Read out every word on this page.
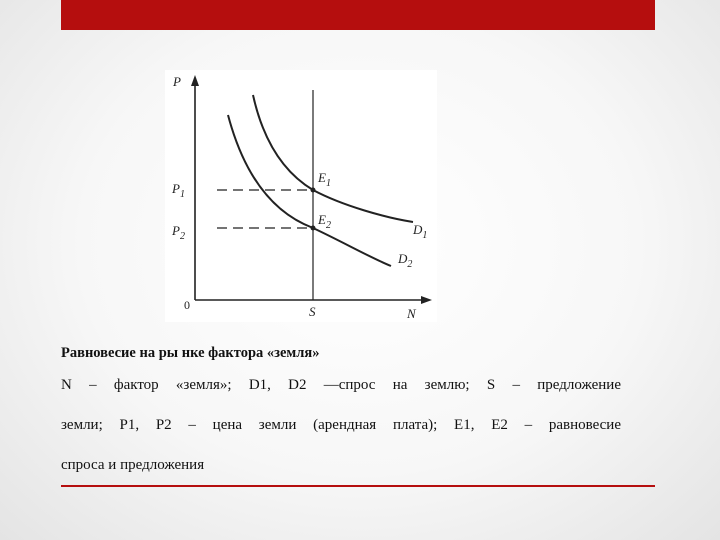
P
N
0	S
$P_1$
$P_2$
$E_1$
$E_2$	$D_1$
$D_2$
Равновесие на ры нке фактора «земля»
N – фактор «земля»; D1, D2 —спрос на землю; S – предложение
земли; P1, P2 – цена земли (арендная плата); E1, E2 – равновесие
спроса и предложения
